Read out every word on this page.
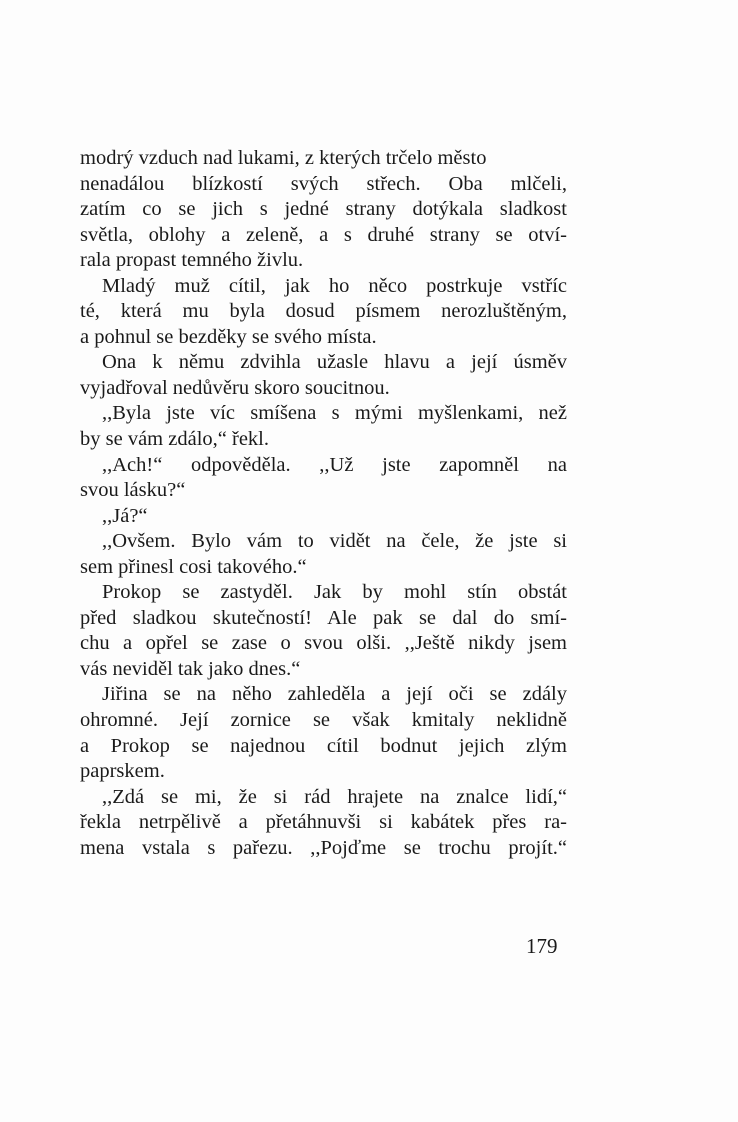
modrý vzduch nad lukami, z kterých trčelo město
nenadálou blízkostí svých střech. Oba mlčeli,
zatím co se jich s jedné strany dotýkala sladkost
světla, oblohy a zeleně, a s druhé strany se otví-
rala propast temného živlu.
Mladý muž cítil, jak ho něco postrkuje vstříc
té, která mu byla dosud písmem nerozluštěným,
a pohnul se bezděky se svého místa.
Ona k němu zdvihla užasle hlavu a její úsměv
vyjadřoval nedůvěru skoro soucitnou.
,,Byla jste víc smíšena s mými myšlenkami, než
by se vám zdálo,“ řekl.
,,Ach!“ odpověděla. ,,Už jste zapomněl na
svou lásku?“
,,Já?“
,,Ovšem. Bylo vám to vidět na čele, že jste si
sem přinesl cosi takového.“
Prokop se zastyděl. Jak by mohl stín obstát
před sladkou skutečností! Ale pak se dal do smí-
chu a opřel se zase o svou olši. ,,Ještě nikdy jsem
vás neviděl tak jako dnes.“
Jiřina se na něho zahleděla a její oči se zdály
ohromné. Její zornice se však kmitaly neklidně
a Prokop se najednou cítil bodnut jejich zlým
paprskem.
,,Zdá se mi, že si rád hrajete na znalce lidí,“
řekla netrpělivě a přetáhnuvši si kabátek přes ra-
mena vstala s pařezu. ,,Pojďme se trochu projít.“
179
